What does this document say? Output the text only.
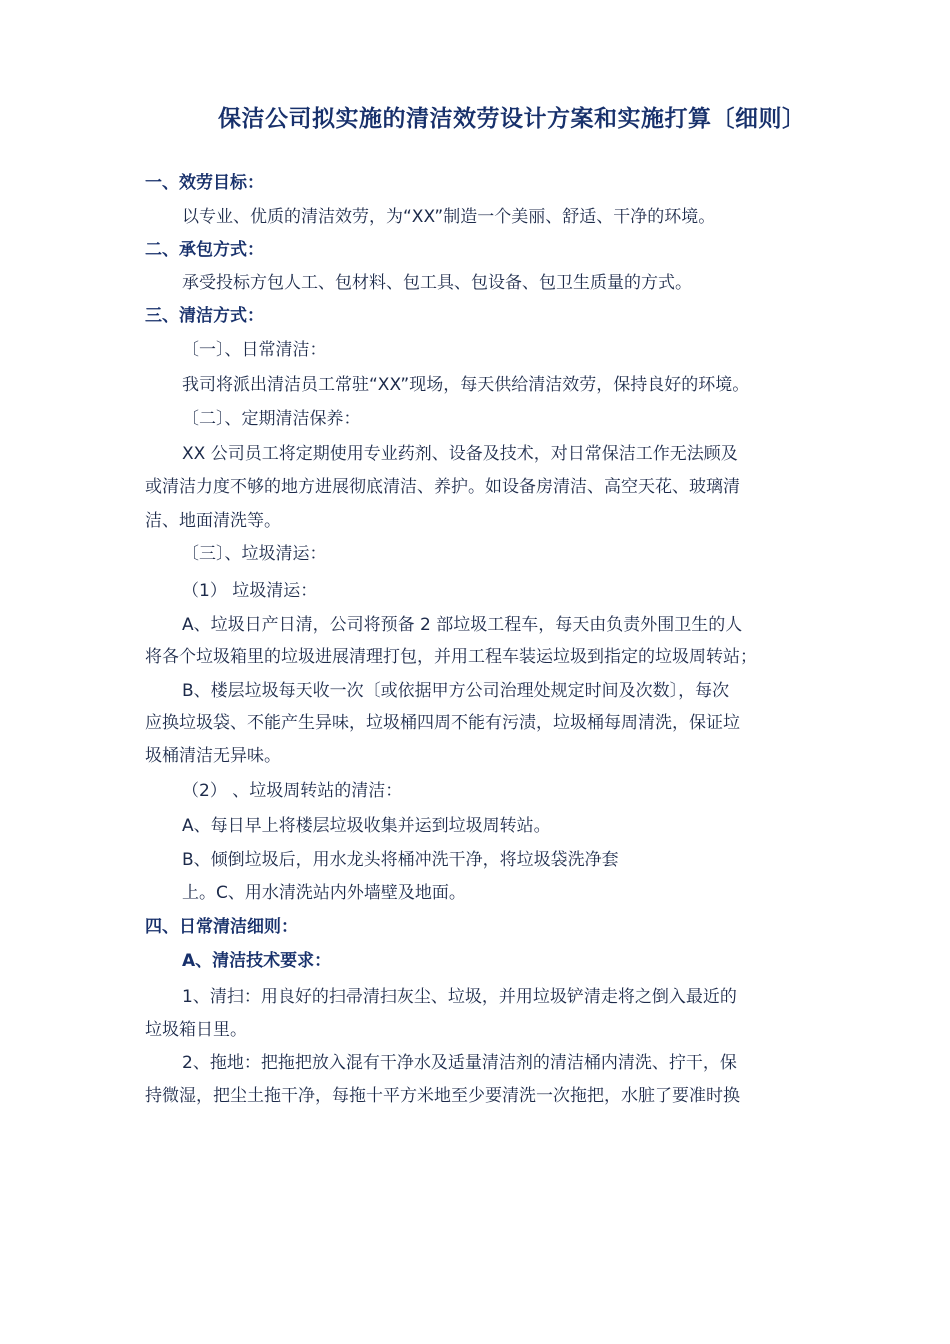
保洁公司拟实施的清洁效劳设计方案和实施打算〔细则〕
一、效劳目标：
以专业、优质的清洁效劳，为“XX”制造一个美丽、舒适、干净的环境。
二、承包方式：
承受投标方包人工、包材料、包工具、包设备、包卫生质量的方式。
三、清洁方式：
〔一〕、日常清洁：
我司将派出清洁员工常驻“XX”现场，每天供给清洁效劳，保持良好的环境。
〔二〕、定期清洁保养：
XX 公司员工将定期使用专业药剂、设备及技术，对日常保洁工作无法顾及
或清洁力度不够的地方进展彻底清洁、养护。如设备房清洁、高空天花、玻璃清
洁、地面清洗等。
〔三〕、垃圾清运：
（1） 垃圾清运：
A、垃圾日产日清，公司将预备 2 部垃圾工程车，每天由负责外围卫生的人
将各个垃圾箱里的垃圾进展清理打包，并用工程车装运垃圾到指定的垃圾周转站；
B、楼层垃圾每天收一次〔或依据甲方公司治理处规定时间及次数〕，每次
应换垃圾袋、不能产生异味，垃圾桶四周不能有污渍，垃圾桶每周清洗，保证垃
圾桶清洁无异味。
（2） 、垃圾周转站的清洁：
A、每日早上将楼层垃圾收集并运到垃圾周转站。
B、倾倒垃圾后，用水龙头将桶冲洗干净，将垃圾袋洗净套
上。C、用水清洗站内外墙壁及地面。
四、日常清洁细则：
A、清洁技术要求：
1、清扫：用良好的扫帚清扫灰尘、垃圾，并用垃圾铲清走将之倒入最近的
垃圾箱日里。
2、拖地：把拖把放入混有干净水及适量清洁剂的清洁桶内清洗、拧干，保
持微湿，把尘土拖干净，每拖十平方米地至少要清洗一次拖把，水脏了要准时换
